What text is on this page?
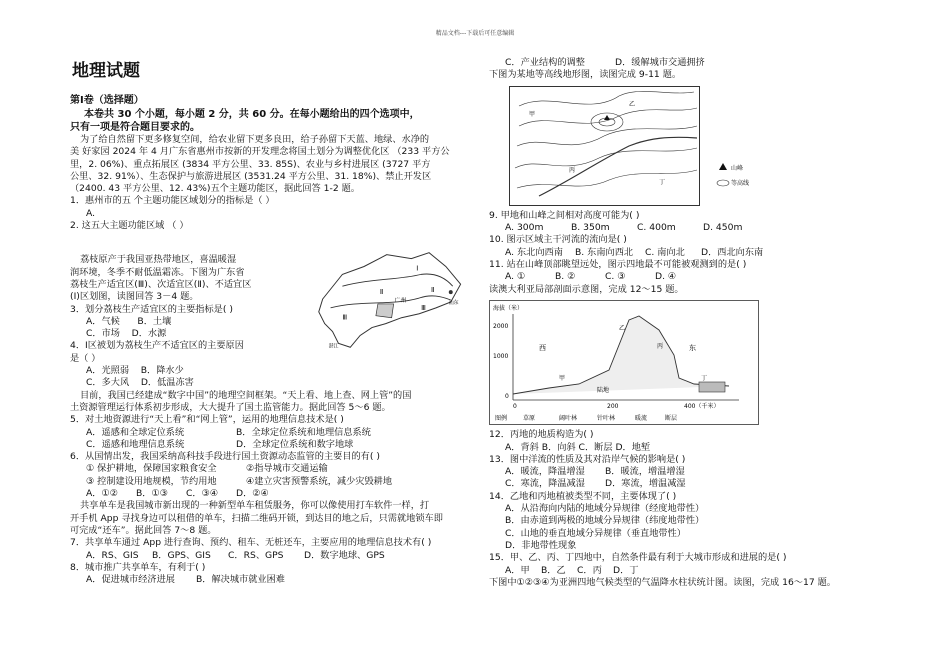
精品文档---下载后可任意编辑
地理试题
第Ⅰ卷（选择题）
本卷共 30 个小题，每小题 2 分，共 60 分。在每小题给出的四个选项中，
只有一项是符合题目要求的。
为了给自然留下更多修复空间，给农业留下更多良田，给子孙留下天蓝、地绿、水净的
美 好家园 2024 年 4 月广东省惠州市按新的开发理念将国土划分为调整优化区 （233 平方公
里，2. 06%)、重点拓展区 (3834 平方公里、33. 85S)、农业与乡村进展区 (3727 平方
公里、32. 91%）、生态保护与旅游进展区 (3531.24 平方公里、31. 18%)、禁止开发区
（2400. 43 平方公里、12. 43%)五个主题功能区，据此回答 1-2 题。
1．惠州市的五 个主题功能区域划分的指标是（ ）
A.
2. 这五大主题功能区域 （ ）
荔枝原产于我国亚热带地区，喜温暖湿
润环境，冬季不耐低温霜冻。下图为广东省
荔枝生产适宜区(Ⅲ)、次适宜区(Ⅱ)、不适宜区
(Ⅰ)区划图，读图回答 3－4 题。
3．划分荔枝生产适宜区的主要指标是( )
A．气候 B．土壤
C．市场 D．水源
4．Ⅰ区被划为荔枝生产不适宜区的主要原因
是（ ）
Ⅰ
Ⅱ
Ⅲ
Ⅱ
Ⅲ
广州	汕东
湛江
A．光照弱 B．降水少
C．多大风 D．低温冻害
目前，我国已经建成“数字中国”的地理空间框架。“天上看、地上查、网上管”的国
土资源管理运行体系初步形成，大大提升了国土监管能力。据此回答 5～6 题。
5．对土地资源进行“天上看”和“网上管”，运用的地理信息技术是( )
A．遥感和全球定位系统	B．全球定位系统和地理信息系统
C．遥感和地理信息系统	D．全球定位系统和数字地球
6．从国情出发，我国采纳高科技手段进行国土资源动态监管的主要目的有( )
① 保护耕地，保障国家粮食安全	②指导城市交通运输
③ 控制建设用地规模，节约用地	④建立灾害预警系统，减少灾毁耕地
A．①② B．①③ C．③④ D．②④
共享单车是我国城市新出现的一种新型单车租赁服务，你可以像使用打车软件一样，打
开手机 App 寻找身边可以租借的单车，扫描二维码开锁，到达目的地之后，只需就地锁车即
可完成“还车”。据此回答 7～8 题。
7．共享单车通过 App 进行查询、预约、租车、无桩还车，主要应用的地理信息技术有( )
A．RS、GIS B．GPS、GIS C．RS、GPS D．数字地球、GPS
8．城市推广共享单车，有利于( )
A．促进城市经济进展 B．解决城市就业困难
C．产业结构的调整	D．缓解城市交通拥挤
下图为某地等高线地形图，读图完成 9-11 题。
甲
乙
丙
丁
山峰
等高线
9. 甲地和山峰之间相对高度可能为( )
A. 300m	B. 350m	C. 400m	D. 450m
10. 图示区域主干河流的流向是( )
A. 东北向西南 B. 东南向西北 C. 南向北 D．西北向东南
11. 站在山峰顶部眺望远处，图示四地最不可能被观测到的是( )
A. ①	B. ②	C. ③	D. ④
读澳大利亚局部剖面示意图，完成 12～15 题。
海拔（米）
2000
1000
0
0	200	400（千米）
西	东
甲
乙
丙
丁
陆地
图例	草原	阔叶林	针叶林	暖流	断层
12．丙地的地质构造为( )
A．背斜 B．向斜 C．断层 D．地堑
13．图中洋流的性质及其对沿岸气候的影响是( )
A．暖流，降温增湿 B．暖流，增温增湿
C．寒流，降温减湿 D．寒流，增温减湿
14．乙地和丙地植被类型不同，主要体现了( )
A．从沿海向内陆的地域分异规律（经度地带性）
B．由赤道到两极的地域分异规律（纬度地带性）
C．山地的垂直地域分异规律（垂直地带性）
D．非地带性现象
15．甲、乙、丙、丁四地中，自然条件最有利于大城市形成和进展的是( )
A．甲 B．乙 C．丙 D．丁
下图中①②③④为亚洲四地气候类型的气温降水柱状统计图。读图，完成 16～17 题。
